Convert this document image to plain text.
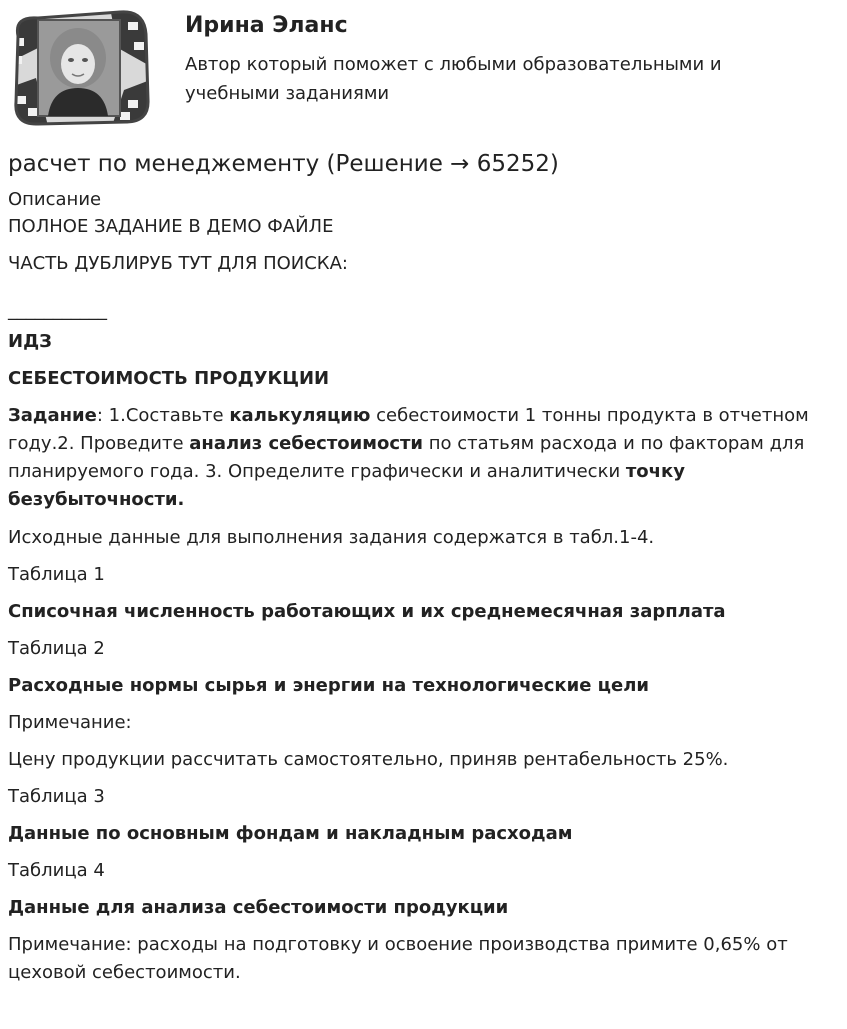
Ирина Эланс
Автор который поможет с любыми образовательными и учебными заданиями
расчет по менеджементу (Решение → 65252)
Описание
ПОЛНОЕ ЗАДАНИЕ В ДЕМО ФАЙЛЕ
ЧАСТЬ ДУБЛИРУБ ТУТ ДЛЯ ПОИСКА:
___________
ИДЗ
СЕБЕСТОИМОСТЬ ПРОДУКЦИИ
Задание: 1.Составьте калькуляцию себестоимости 1 тонны продукта в отчетном году.2. Проведите анализ себестоимости по статьям расхода и по факторам для планируемого года. 3. Определите графически и аналитически точку безубыточности.
Исходные данные для выполнения задания содержатся в табл.1-4.
Таблица 1
Списочная численность работающих и их среднемесячная зарплата
Таблица 2
Расходные нормы сырья и энергии на технологические цели
Примечание:
Цену продукции рассчитать самостоятельно, приняв рентабельность 25%.
Таблица 3
Данные по основным фондам и накладным расходам
Таблица 4
Данные для анализа себестоимости продукции
Примечание: расходы на подготовку и освоение производства примите 0,65% от цеховой себестоимости.
